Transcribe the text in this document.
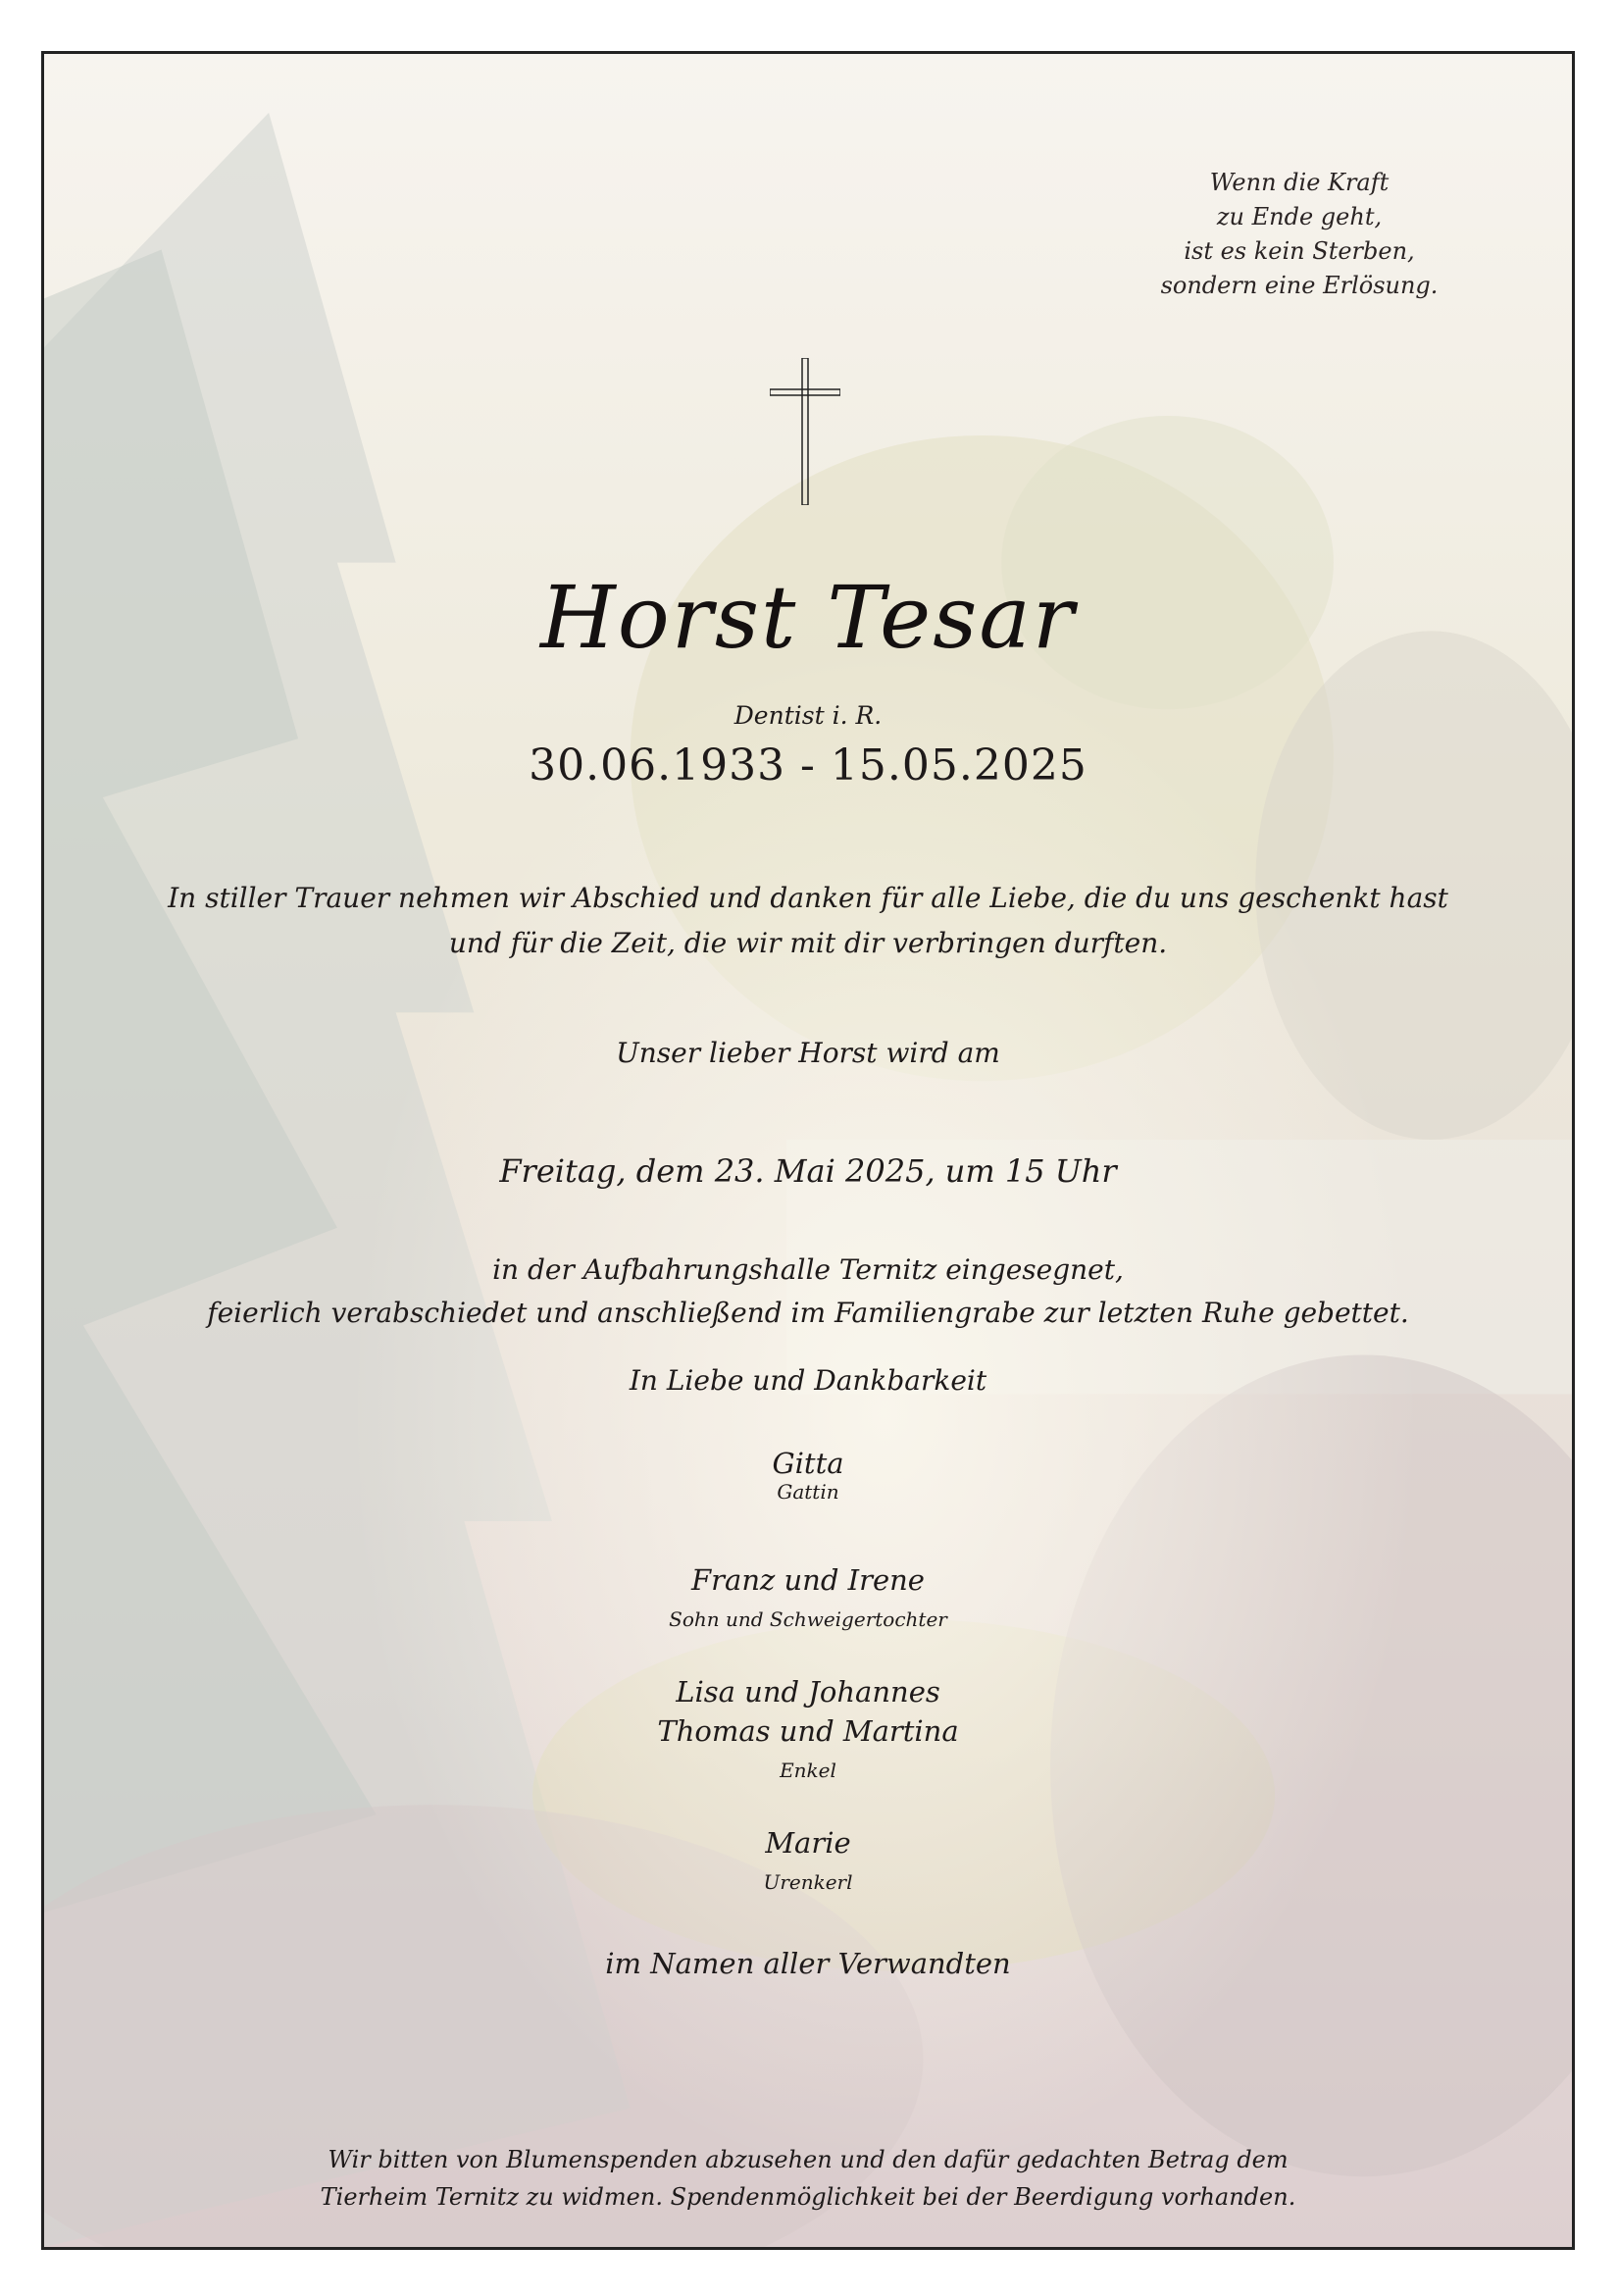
Wenn die Kraft
zu Ende geht,
ist es kein Sterben,
sondern eine Erlösung.
Horst Tesar
Dentist i. R.
30.06.1933 - 15.05.2025
In stiller Trauer nehmen wir Abschied und danken für alle Liebe, die du uns geschenkt hast
und für die Zeit, die wir mit dir verbringen durften.
Unser lieber Horst wird am
Freitag, dem 23. Mai 2025, um 15 Uhr
in der Aufbahrungshalle Ternitz eingesegnet,
feierlich verabschiedet und anschließend im Familiengrabe zur letzten Ruhe gebettet.
In Liebe und Dankbarkeit
Gitta
Gattin
Franz und Irene
Sohn und Schweigertochter
Lisa und Johannes
Thomas und Martina
Enkel
Marie
Urenkerl
im Namen aller Verwandten
Wir bitten von Blumenspenden abzusehen und den dafür gedachten Betrag dem
Tierheim Ternitz zu widmen. Spendenmöglichkeit bei der Beerdigung vorhanden.
